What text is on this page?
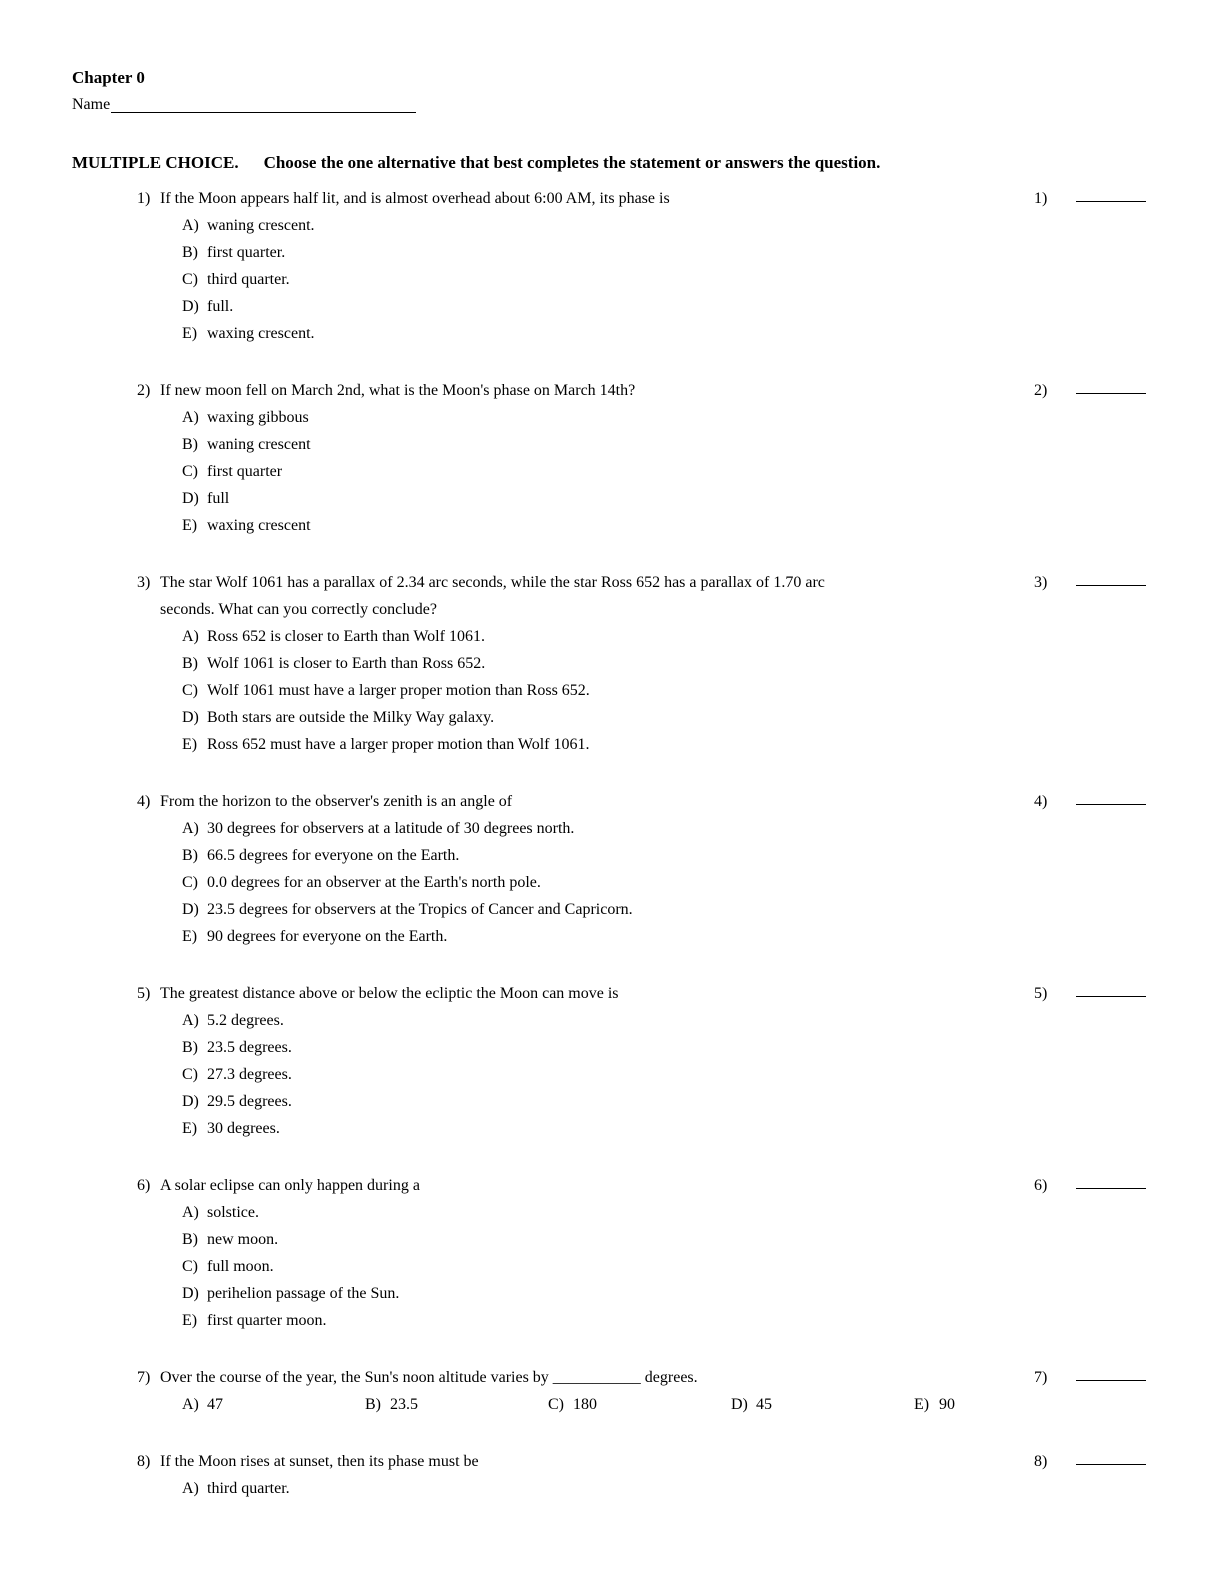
Chapter 0
Name
MULTIPLE CHOICE. Choose the one alternative that best completes the statement or answers the question.

1) If the Moon appears half lit, and is almost overhead about 6:00 AM, its phase is

A) waning crescent.
B) first quarter.
C) third quarter.
D) full.
E) waxing crescent.
1)

2) If new moon fell on March 2nd, what is the Moon's phase on March 14th?

A) waxing gibbous
B) waning crescent
C) first quarter
D) full
E) waxing crescent
2)

3) The star Wolf 1061 has a parallax of 2.34 arc seconds, while the star Ross 652 has a parallax of 1.70 arc seconds. What can you correctly conclude?

A) Ross 652 is closer to Earth than Wolf 1061.
B) Wolf 1061 is closer to Earth than Ross 652.
C) Wolf 1061 must have a larger proper motion than Ross 652.
D) Both stars are outside the Milky Way galaxy.
E) Ross 652 must have a larger proper motion than Wolf 1061.
3)

4) From the horizon to the observer's zenith is an angle of

A) 30 degrees for observers at a latitude of 30 degrees north.
B) 66.5 degrees for everyone on the Earth.
C) 0.0 degrees for an observer at the Earth's north pole.
D) 23.5 degrees for observers at the Tropics of Cancer and Capricorn.
E) 90 degrees for everyone on the Earth.
4)

5) The greatest distance above or below the ecliptic the Moon can move is

A) 5.2 degrees.
B) 23.5 degrees.
C) 27.3 degrees.
D) 29.5 degrees.
E) 30 degrees.
5)

6) A solar eclipse can only happen during a

A) solstice.
B) new moon.
C) full moon.
D) perihelion passage of the Sun.
E) first quarter moon.
6)

7) Over the course of the year, the Sun's noon altitude varies by ___________ degrees.

A) 47	B) 23.5	C) 180	D) 45	E) 90
7)

8) If the Moon rises at sunset, then its phase must be

A) third quarter.
8)
